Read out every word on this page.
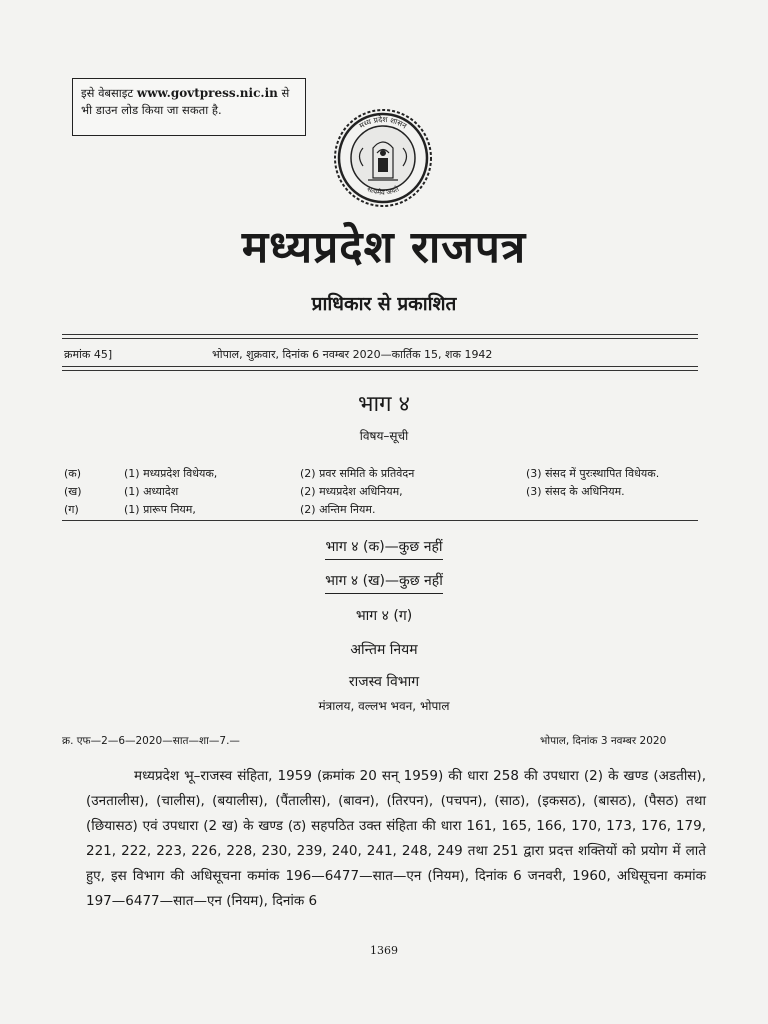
इसे वेबसाइट www.govtpress.nic.in से भी डाउन लोड किया जा सकता है.
मध्य प्रदेश शासन
सत्यमेव जयते
मध्यप्रदेश राजपत्र
प्राधिकार से प्रकाशित
क्रमांक 45]	भोपाल, शुक्रवार, दिनांक 6 नवम्बर 2020—कार्तिक 15, शक 1942
भाग ४
विषय–सूची
(क)	(1) मध्यप्रदेश विधेयक,	(2) प्रवर समिति के प्रतिवेदन	(3) संसद में पुरःस्थापित विधेयक.
(ख)	(1) अध्यादेश	(2) मध्यप्रदेश अधिनियम,	(3) संसद के अधिनियम.
(ग)	(1) प्रारूप नियम,	(2) अन्तिम नियम.
भाग ४ (क)—कुछ नहीं
भाग ४ (ख)—कुछ नहीं
भाग ४ (ग)
अन्तिम नियम
राजस्व विभाग
मंत्रालय, वल्लभ भवन, भोपाल
क्र. एफ—2—6—2020—सात—शा—7.—	भोपाल, दिनांक 3 नवम्बर 2020
मध्यप्रदेश भू–राजस्व संहिता, 1959 (क्रमांक 20 सन् 1959) की धारा 258 की उपधारा (2) के खण्ड (अडतीस), (उनतालीस), (चालीस), (बयालीस), (पैंतालीस), (बावन), (तिरपन), (पचपन), (साठ), (इकसठ), (बासठ), (पैसठ) तथा (छियासठ) एवं उपधारा (2 ख) के खण्ड (ठ) सहपठित उक्त संहिता की धारा 161, 165, 166, 170, 173, 176, 179, 221, 222, 223, 226, 228, 230, 239, 240, 241, 248, 249 तथा 251 द्वारा प्रदत्त शक्तियों को प्रयोग में लाते हुए, इस विभाग की अधिसूचना कमांक 196—6477—सात—एन (नियम), दिनांक 6 जनवरी, 1960, अधिसूचना कमांक 197—6477—सात—एन (नियम), दिनांक 6
1369
